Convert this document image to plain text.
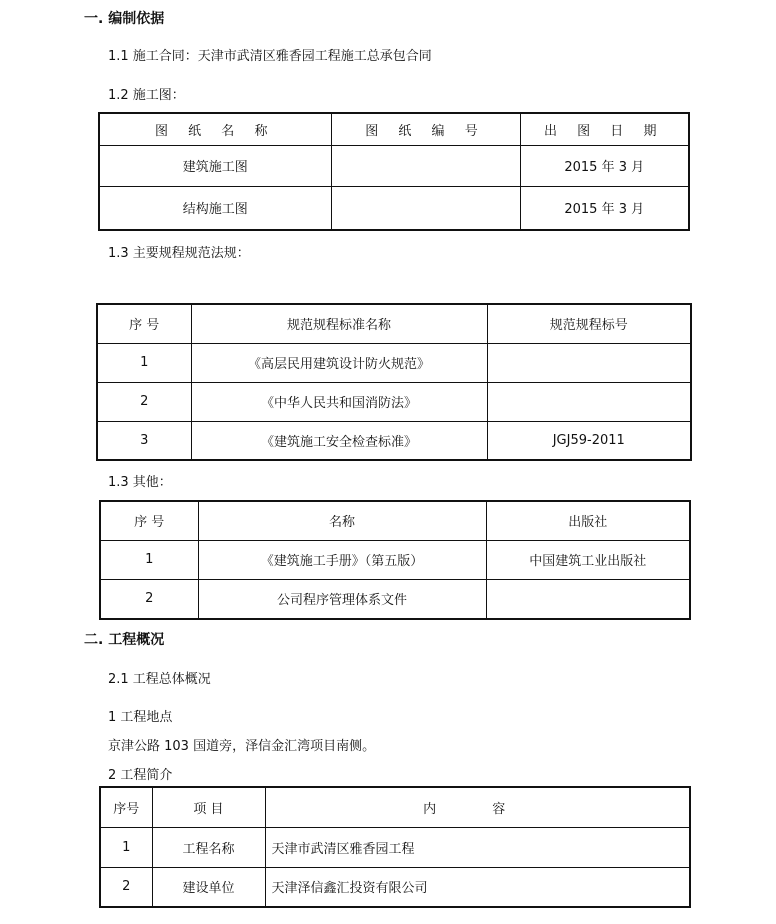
一. 编制依据
1.1 施工合同：天津市武清区雅香园工程施工总承包合同
1.2 施工图：
图 纸 名 称	图 纸 编 号	出 图 日 期
建筑施工图		2015 年 3 月
结构施工图		2015 年 3 月
1.3 主要规程规范法规：
序 号	规范规程标准名称	规范规程标号
1	《高层民用建筑设计防火规范》	
2	《中华人民共和国消防法》	
3	《建筑施工安全检查标准》	JGJ59-2011
1.3 其他：
序 号	名称	出版社
1	《建筑施工手册》（第五版）	中国建筑工业出版社
2	公司程序管理体系文件	
二. 工程概况
2.1 工程总体概况
1 工程地点
京津公路 103 国道旁，泽信金汇湾项目南侧。
2 工程简介
序号	项 目	内 容
1	工程名称	天津市武清区雅香园工程
2	建设单位	天津泽信鑫汇投资有限公司
